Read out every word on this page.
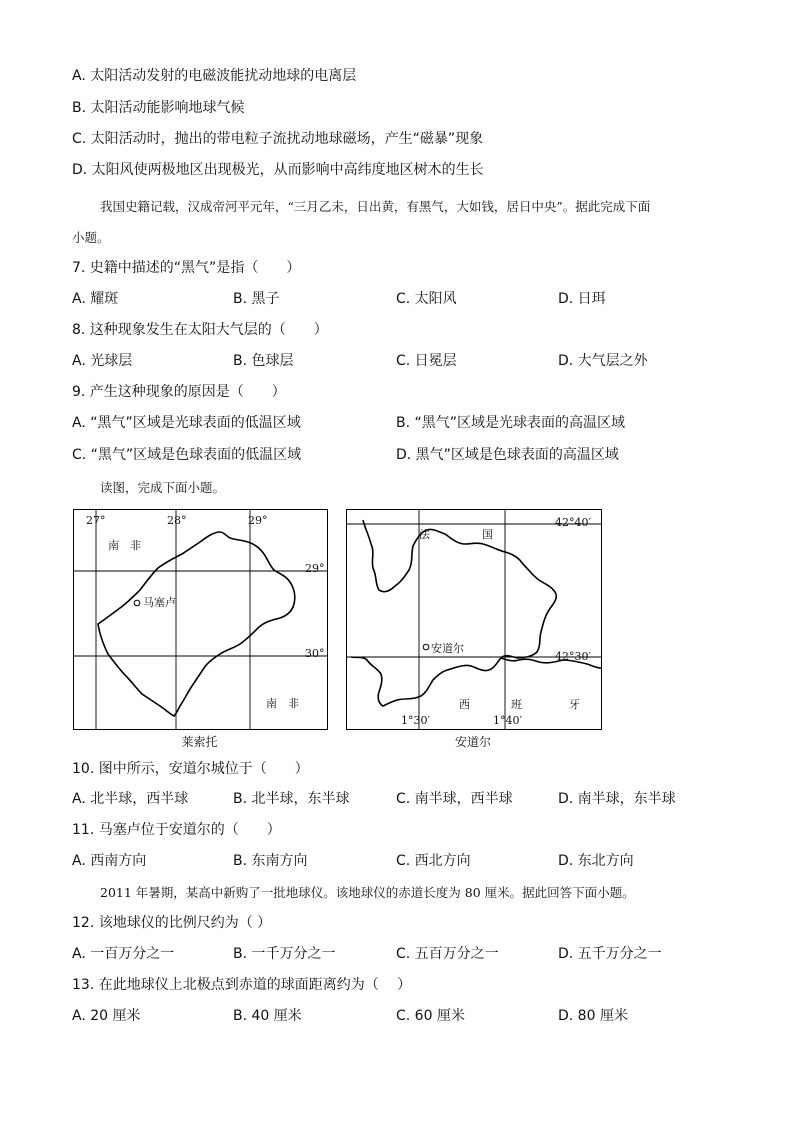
A. 太阳活动发射的电磁波能扰动地球的电离层
B. 太阳活动能影响地球气候
C. 太阳活动时，抛出的带电粒子流扰动地球磁场，产生“磁暴”现象
D. 太阳风使两极地区出现极光，从而影响中高纬度地区树木的生长
我国史籍记载，汉成帝河平元年，“三月乙未，日出黄，有黑气，大如钱，居日中央”。据此完成下面
小题。
7. 史籍中描述的“黑气”是指（　　）
A. 耀斑	B. 黑子	C. 太阳风	D. 日珥
8. 这种现象发生在太阳大气层的（　　）
A. 光球层	B. 色球层	C. 日冕层	D. 大气层之外
9. 产生这种现象的原因是（　　）
A. “黑气”区域是光球表面的低温区域	B. “黑气”区域是光球表面的高温区域
C. “黑气”区域是色球表面的低温区域	D. 黑气”区域是色球表面的高温区域
读图，完成下面小题。
27°	28°	29°
29°
30°
南　非
南　非
马塞卢
莱索托
42°40′
42°30′
1°30′	1°40′
法	国
西	班	牙
安道尔
安道尔
10. 图中所示，安道尔城位于（　　）
A. 北半球，西半球	B. 北半球，东半球	C. 南半球，西半球	D. 南半球，东半球
11. 马塞卢位于安道尔的（　　）
A. 西南方向	B. 东南方向	C. 西北方向	D. 东北方向
2011 年暑期，某高中新购了一批地球仪。该地球仪的赤道长度为 80 厘米。据此回答下面小题。
12. 该地球仪的比例尺约为（ ）
A. 一百万分之一	B. 一千万分之一	C. 五百万分之一	D. 五千万分之一
13. 在此地球仪上北极点到赤道的球面距离约为（　 ）
A. 20 厘米	B. 40 厘米	C. 60 厘米	D. 80 厘米
